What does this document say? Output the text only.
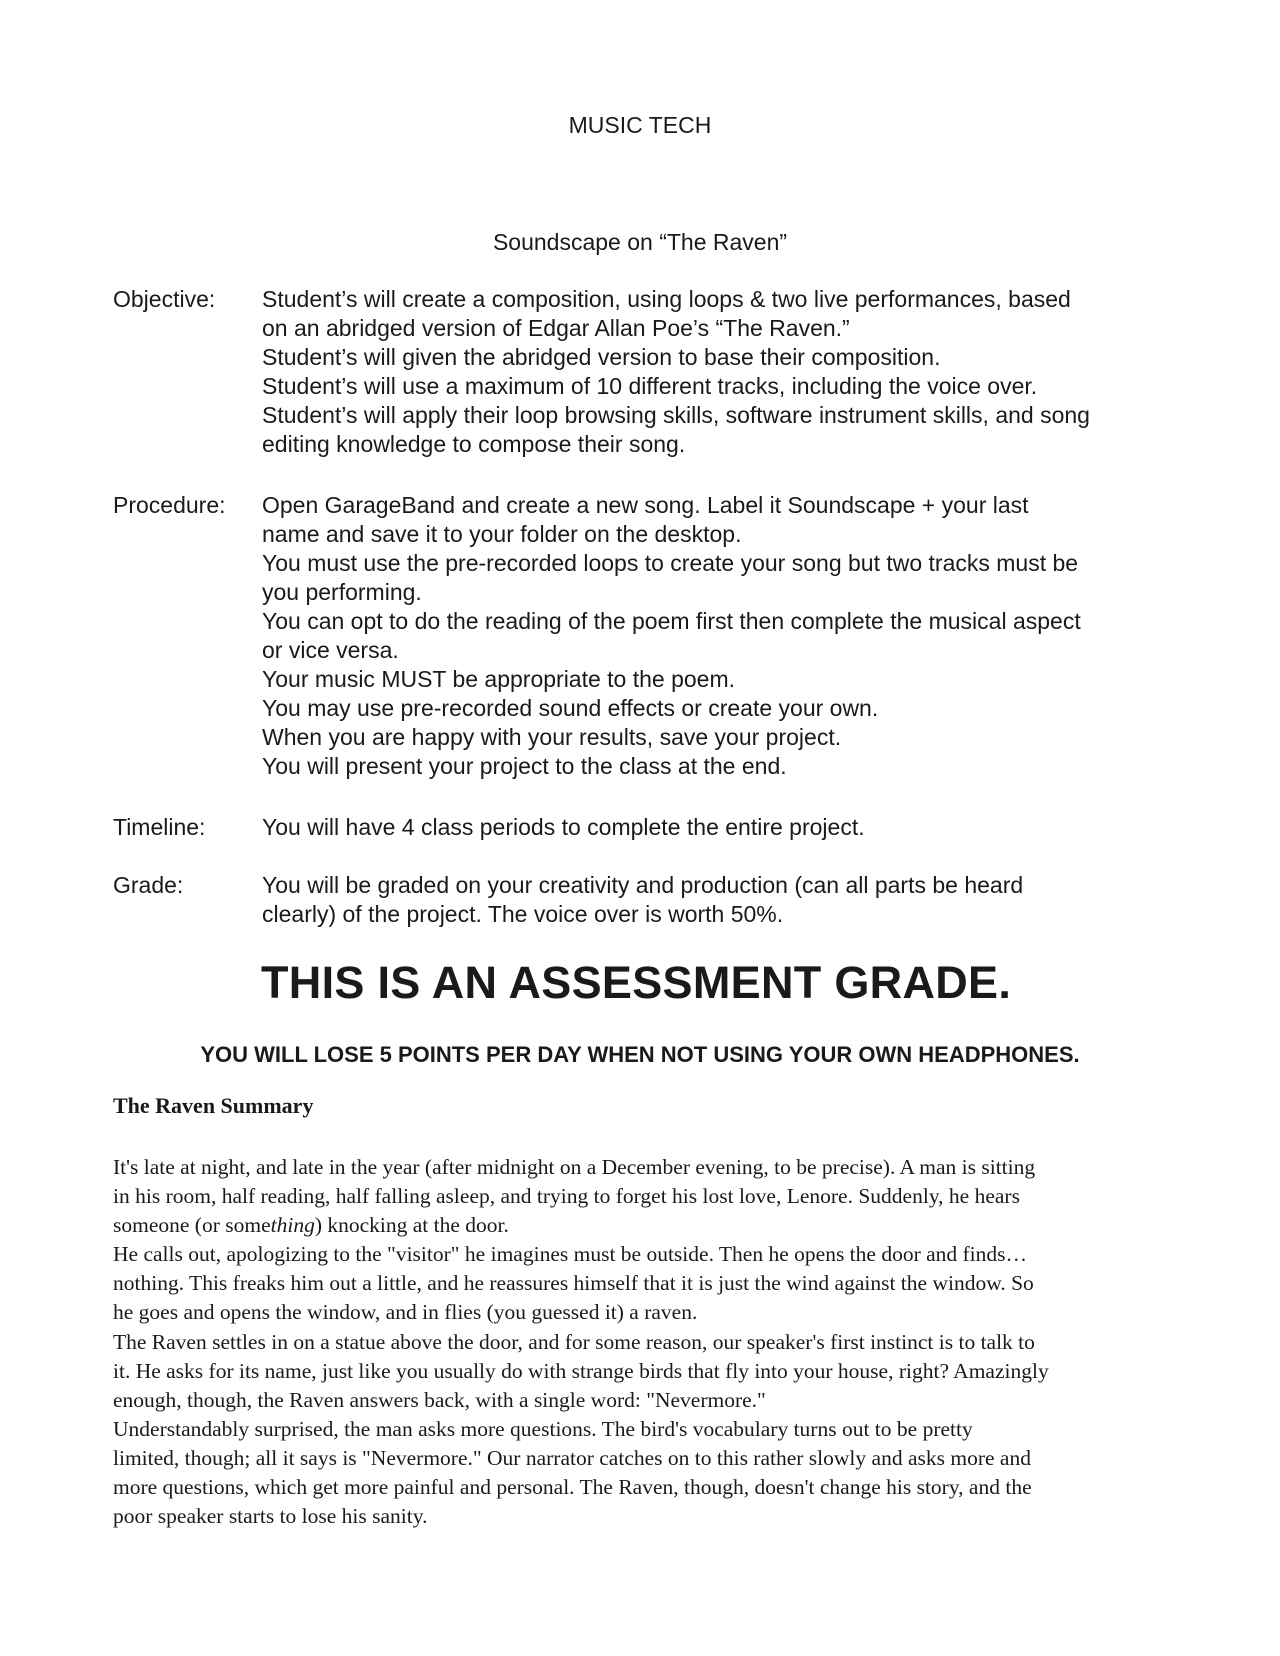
MUSIC TECH
Soundscape on “The Raven”
Objective: Student’s will create a composition, using loops & two live performances, based
on an abridged version of Edgar Allan Poe’s “The Raven.”
Student’s will given the abridged version to base their composition.
Student’s will use a maximum of 10 different tracks, including the voice over.
Student’s will apply their loop browsing skills, software instrument skills, and song
editing knowledge to compose their song.
Procedure: Open GarageBand and create a new song. Label it Soundscape + your last
name and save it to your folder on the desktop.
You must use the pre-recorded loops to create your song but two tracks must be
you performing.
You can opt to do the reading of the poem first then complete the musical aspect
or vice versa.
Your music MUST be appropriate to the poem.
You may use pre-recorded sound effects or create your own.
When you are happy with your results, save your project.
You will present your project to the class at the end.
Timeline: You will have 4 class periods to complete the entire project.
Grade:	You will be graded on your creativity and production (can all parts be heard
clearly) of the project. The voice over is worth 50%.
THIS IS AN ASSESSMENT GRADE.
YOU WILL LOSE 5 POINTS PER DAY WHEN NOT USING YOUR OWN HEADPHONES.
The Raven Summary
It's late at night, and late in the year (after midnight on a December evening, to be precise). A man is sitting
in his room, half reading, half falling asleep, and trying to forget his lost love, Lenore. Suddenly, he hears
someone (or something) knocking at the door.
He calls out, apologizing to the "visitor" he imagines must be outside. Then he opens the door and finds…
nothing. This freaks him out a little, and he reassures himself that it is just the wind against the window. So
he goes and opens the window, and in flies (you guessed it) a raven.
The Raven settles in on a statue above the door, and for some reason, our speaker's first instinct is to talk to
it. He asks for its name, just like you usually do with strange birds that fly into your house, right? Amazingly
enough, though, the Raven answers back, with a single word: "Nevermore."
Understandably surprised, the man asks more questions. The bird's vocabulary turns out to be pretty
limited, though; all it says is "Nevermore." Our narrator catches on to this rather slowly and asks more and
more questions, which get more painful and personal. The Raven, though, doesn't change his story, and the
poor speaker starts to lose his sanity.
